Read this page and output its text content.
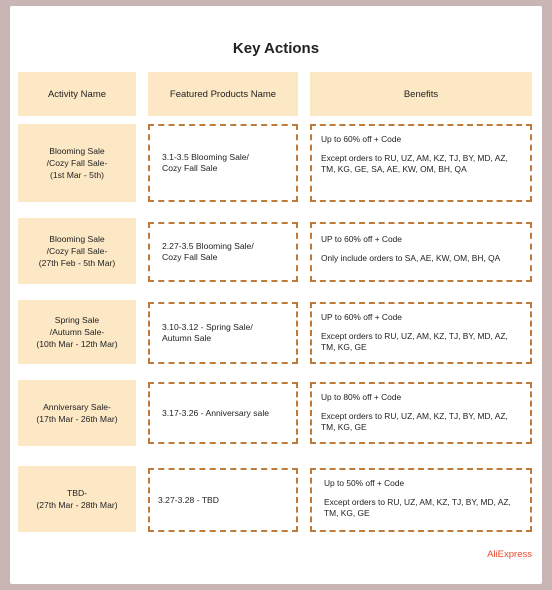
Key Actions
Activity Name	Featured Products Name	Benefits
Blooming Sale
/Cozy Fall Sale-
(1st Mar - 5th)
3.1-3.5 Blooming Sale/
Cozy Fall Sale
Up to 60% off + Code
Except orders to RU, UZ, AM, KZ, TJ, BY, MD, AZ, TM, KG, GE, SA, AE, KW, OM, BH, QA
Blooming Sale
/Cozy Fall Sale-
(27th Feb - 5th Mar)
2.27-3.5 Blooming Sale/
Cozy Fall Sale
UP to 60% off + Code
Only include orders to SA, AE, KW, OM, BH, QA
Spring Sale
/Autumn Sale-
(10th Mar - 12th Mar)
3.10-3.12 - Spring Sale/
Autumn Sale
UP to 60% off + Code
Except orders to RU, UZ, AM, KZ, TJ, BY, MD, AZ, TM, KG, GE
Anniversary Sale-
(17th Mar - 26th Mar)
3.17-3.26 - Anniversary sale
Up to 80% off + Code
Except orders to RU, UZ, AM, KZ, TJ, BY, MD, AZ, TM, KG, GE
TBD-
(27th Mar - 28th Mar)
3.27-3.28 - TBD
Up to 50% off + Code
Except orders to RU, UZ, AM, KZ, TJ, BY, MD, AZ, TM, KG, GE
AliExpress
